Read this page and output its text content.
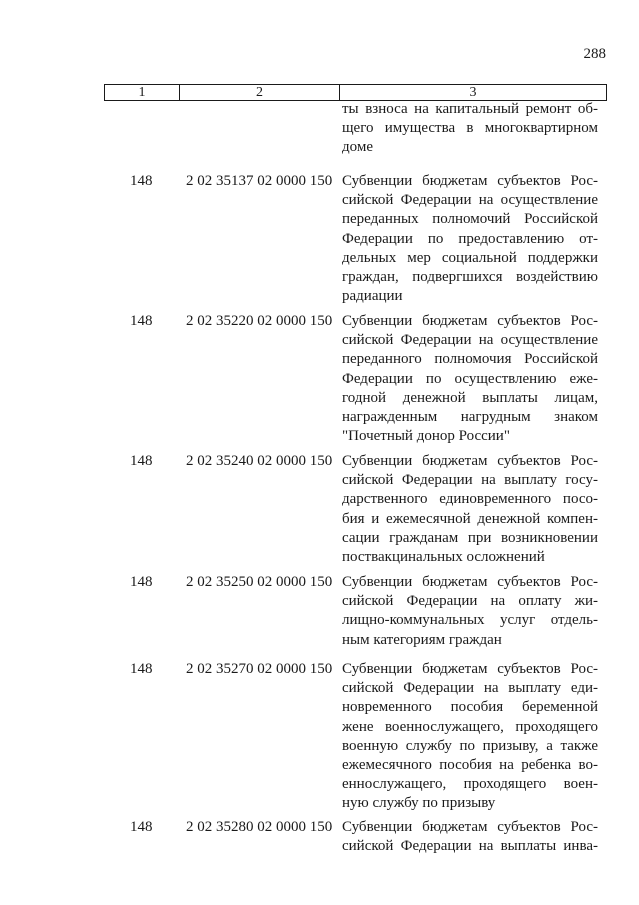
288
1	2	3
ты взноса на капитальный ремонт об-
щего имущества в многоквартирном
доме
148	2 02 35137 02 0000 150 Субвенции бюджетам субъектов Рос-
сийской Федерации на осуществление
переданных полномочий Российской
Федерации по предоставлению от-
дельных мер социальной поддержки
граждан, подвергшихся воздействию
радиации
148	2 02 35220 02 0000 150 Субвенции бюджетам субъектов Рос-
сийской Федерации на осуществление
переданного полномочия Российской
Федерации по осуществлению еже-
годной денежной выплаты лицам,
награжденным нагрудным знаком
"Почетный донор России"
148	2 02 35240 02 0000 150 Субвенции бюджетам субъектов Рос-
сийской Федерации на выплату госу-
дарственного единовременного посо-
бия и ежемесячной денежной компен-
сации гражданам при возникновении
поствакцинальных осложнений
148	2 02 35250 02 0000 150 Субвенции бюджетам субъектов Рос-
сийской Федерации на оплату жи-
лищно-коммунальных услуг отдель-
ным категориям граждан
148	2 02 35270 02 0000 150 Субвенции бюджетам субъектов Рос-
сийской Федерации на выплату еди-
новременного пособия беременной
жене военнослужащего, проходящего
военную службу по призыву, а также
ежемесячного пособия на ребенка во-
еннослужащего, проходящего воен-
ную службу по призыву
148	2 02 35280 02 0000 150 Субвенции бюджетам субъектов Рос-
сийской Федерации на выплаты инва-
